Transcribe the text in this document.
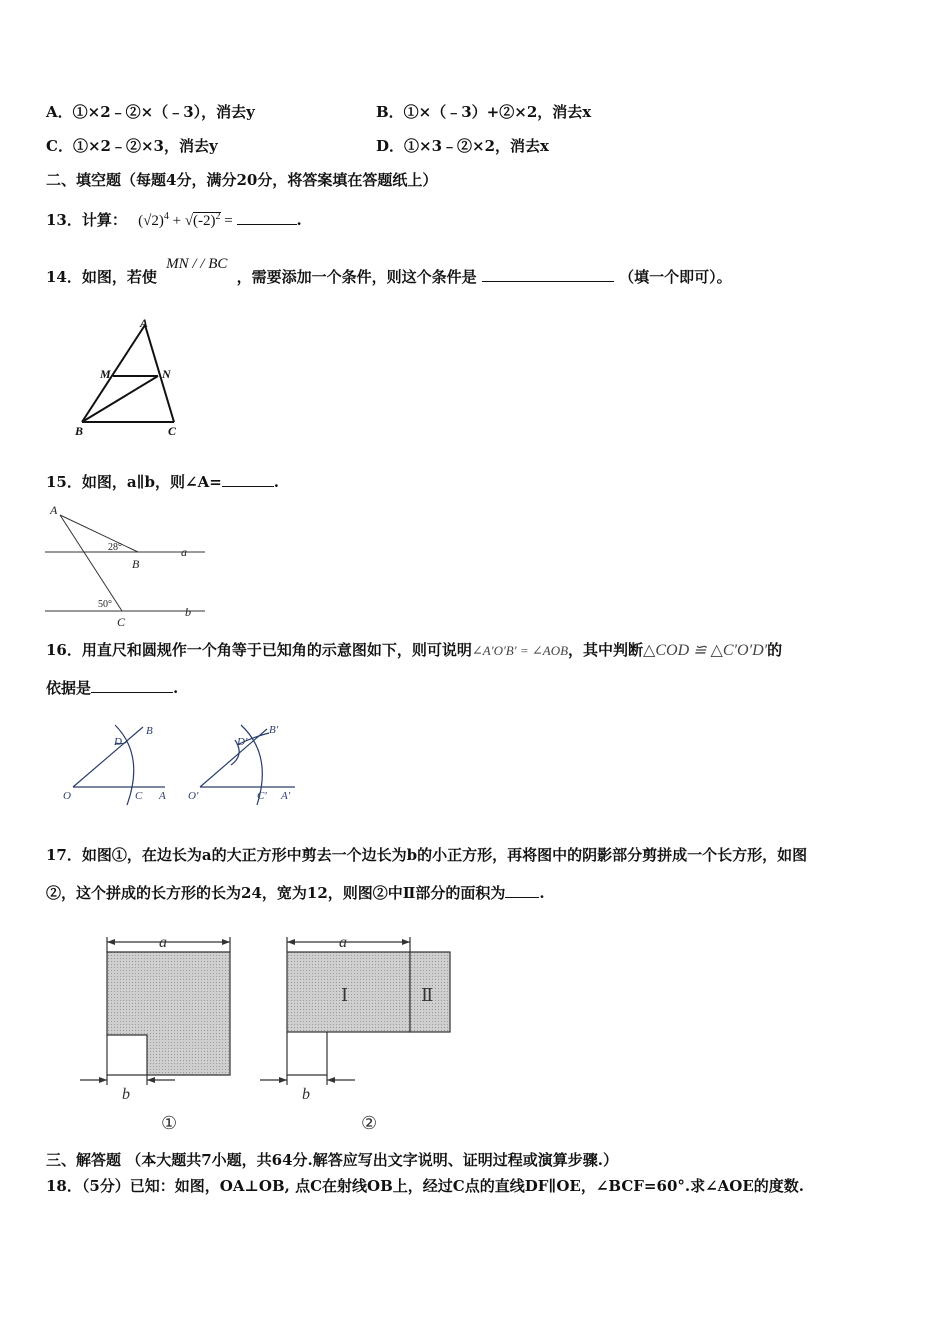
A．①×2﹣②×（﹣3），消去y	B．①×（﹣3）+②×2，消去x
C．①×2﹣②×3，消去y	D．①×3﹣②×2，消去x
二、填空题（每题4分，满分20分，将答案填在答题纸上）
13．计算： $(√2)^4 + √(-2)^2$ =	.
14．如图，若使 MN / / BC ，需要添加一个条件，则这个条件是	（填一个即可）。
A
M	N
B	C
15．如图，a∥b，则∠A=	.
A
B
C
a
b
28°
50°
16．用直尺和圆规作一个角等于已知角的示意图如下，则可说明∠A′O′B′ = ∠AOB，其中判断△COD ≌ △C′O′D′的
依据是	.
O	C A
D
B
O′	C′ A′
D′
B′
17．如图①，在边长为a的大正方形中剪去一个边长为b的小正方形，再将图中的阴影部分剪拼成一个长方形，如图
②，这个拼成的长方形的长为24，宽为12，则图②中Ⅱ部分的面积为 .
a
b
a
b
Ⅰ	Ⅱ
①	②
三、解答题 （本大题共7小题，共64分.解答应写出文字说明、证明过程或演算步骤.）
18．（5分）已知：如图，OA⊥OB, 点C在射线OB上，经过C点的直线DF∥OE，∠BCF=60°.求∠AOE的度数.
